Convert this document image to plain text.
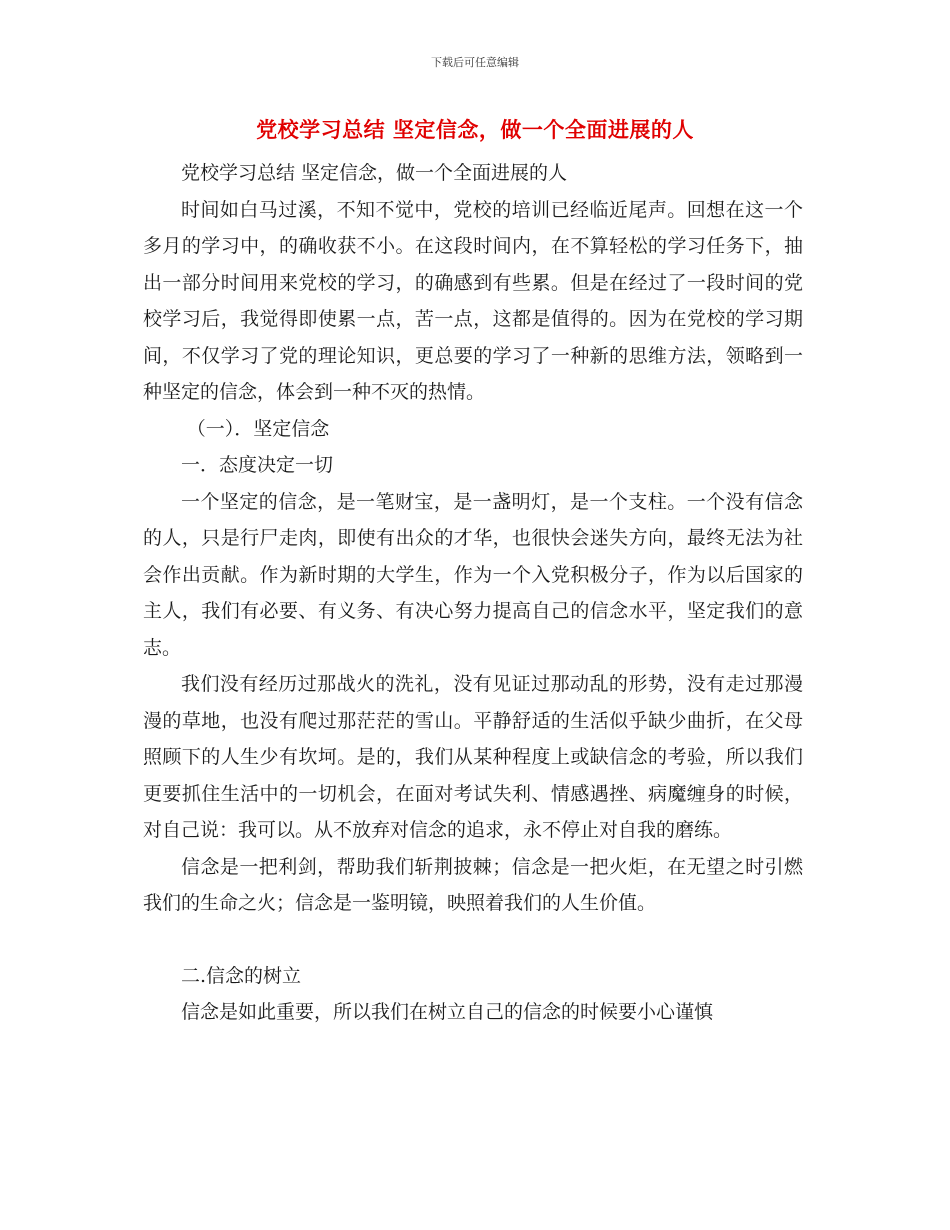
下载后可任意编辑
党校学习总结 坚定信念，做一个全面进展的人

党校学习总结 坚定信念，做一个全面进展的人

时间如白马过溪，不知不觉中，党校的培训已经临近尾声。回想在这一个多月的学习中，的确收获不小。在这段时间内，在不算轻松的学习任务下，抽出一部分时间用来党校的学习，的确感到有些累。但是在经过了一段时间的党校学习后，我觉得即使累一点，苦一点，这都是值得的。因为在党校的学习期间，不仅学习了党的理论知识，更总要的学习了一种新的思维方法，领略到一种坚定的信念，体会到一种不灭的热情。

（一）．坚定信念

一．态度决定一切

一个坚定的信念，是一笔财宝，是一盏明灯，是一个支柱。一个没有信念的人，只是行尸走肉，即使有出众的才华，也很快会迷失方向，最终无法为社会作出贡献。作为新时期的大学生，作为一个入党积极分子，作为以后国家的主人，我们有必要、有义务、有决心努力提高自己的信念水平，坚定我们的意志。

我们没有经历过那战火的洗礼，没有见证过那动乱的形势，没有走过那漫漫的草地，也没有爬过那茫茫的雪山。平静舒适的生活似乎缺少曲折，在父母照顾下的人生少有坎坷。是的，我们从某种程度上或缺信念的考验，所以我们更要抓住生活中的一切机会，在面对考试失利、情感遇挫、病魔缠身的时候，对自己说：我可以。从不放弃对信念的追求，永不停止对自我的磨练。

信念是一把利剑，帮助我们斩荆披棘；信念是一把火炬，在无望之时引燃我们的生命之火；信念是一鉴明镜，映照着我们的人生价值。

二.信念的树立

信念是如此重要，所以我们在树立自己的信念的时候要小心谨慎
